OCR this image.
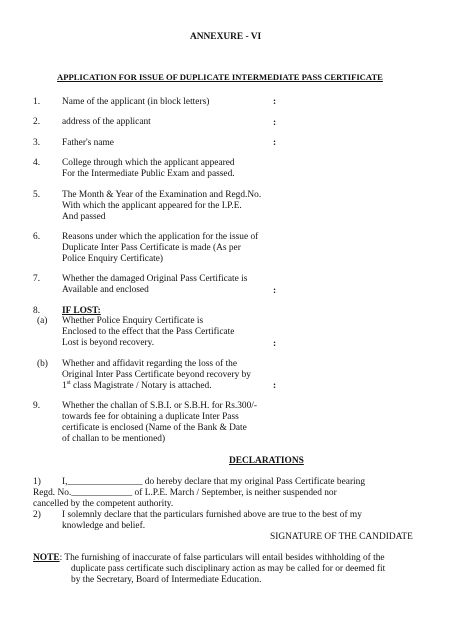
ANNEXURE - VI
APPLICATION FOR ISSUE OF DUPLICATE INTERMEDIATE PASS CERTIFICATE
1. Name of the applicant (in block letters)	:
2. address of the applicant	:
3. Father's name	:
4. College through which the applicant appeared
For the Intermediate Public Exam and passed.
5. The Month & Year of the Examination and Regd.No.
With which the applicant appeared for the I.P.E.
And passed
6. Reasons under which the application for the issue of
Duplicate Inter Pass Certificate is made (As per
Police Enquiry Certificate)
7. Whether the damaged Original Pass Certificate is
Available and enclosed	:
8. IF LOST:
(a) Whether Police Enquiry Certificate is
Enclosed to the effect that the Pass Certificate
Lost is beyond recovery.	:
(b) Whether and affidavit regarding the loss of the
Original Inter Pass Certificate beyond recovery by
1st class Magistrate / Notary is attached.	:
9. Whether the challan of S.B.I. or S.B.H. for Rs.300/-
towards fee for obtaining a duplicate Inter Pass
certificate is enclosed (Name of the Bank & Date
of challan to be mentioned)
DECLARATIONS
1) I,________________ do hereby declare that my original Pass Certificate bearing
Regd. No._____________ of L.P.E. March / September, is neither suspended nor
cancelled by the competent authority.
2) I solemnly declare that the particulars furnished above are true to the best of my
knowledge and belief.
SIGNATURE OF THE CANDIDATE
NOTE: The furnishing of inaccurate of false particulars will entail besides withholding of the
duplicate pass certificate such disciplinary action as may be called for or deemed fit
by the Secretary, Board of Intermediate Education.
